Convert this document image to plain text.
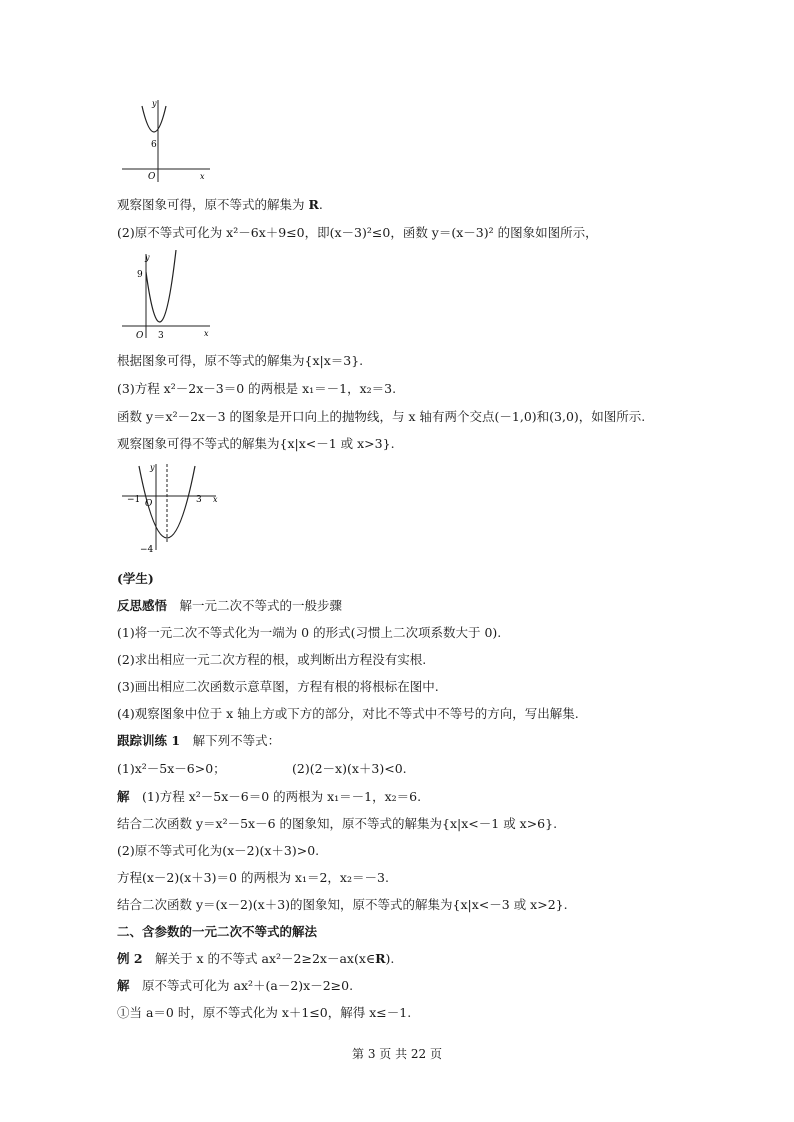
y
x
O
6
观察图象可得，原不等式的解集为 R.
(2)原不等式可化为 x²－6x＋9≤0，即(x－3)²≤0，函数 y＝(x－3)² 的图象如图所示，
y
x
O
9
3
根据图象可得，原不等式的解集为{x|x＝3}.
(3)方程 x²－2x－3＝0 的两根是 x₁＝－1，x₂＝3.
函数 y＝x²－2x－3 的图象是开口向上的抛物线，与 x 轴有两个交点(－1,0)和(3,0)，如图所示.
观察图象可得不等式的解集为{x|x<－1 或 x>3}.
y
x
O
−1	3
−4
(学生)
反思感悟　解一元二次不等式的一般步骤
(1)将一元二次不等式化为一端为 0 的形式(习惯上二次项系数大于 0).
(2)求出相应一元二次方程的根，或判断出方程没有实根.
(3)画出相应二次函数示意草图，方程有根的将根标在图中.
(4)观察图象中位于 x 轴上方或下方的部分，对比不等式中不等号的方向，写出解集.
跟踪训练 1　解下列不等式：
(1)x²－5x－6>0；	(2)(2－x)(x＋3)<0.
解　(1)方程 x²－5x－6＝0 的两根为 x₁＝－1，x₂＝6.
结合二次函数 y＝x²－5x－6 的图象知，原不等式的解集为{x|x<－1 或 x>6}.
(2)原不等式可化为(x－2)(x＋3)>0.
方程(x－2)(x＋3)＝0 的两根为 x₁＝2，x₂＝－3.
结合二次函数 y＝(x－2)(x＋3)的图象知，原不等式的解集为{x|x<－3 或 x>2}.
二、含参数的一元二次不等式的解法
例 2　解关于 x 的不等式 ax²－2≥2x－ax(x∈R).
解　原不等式可化为 ax²＋(a－2)x－2≥0.
①当 a＝0 时，原不等式化为 x＋1≤0，解得 x≤－1.
第 3 页 共 22 页
